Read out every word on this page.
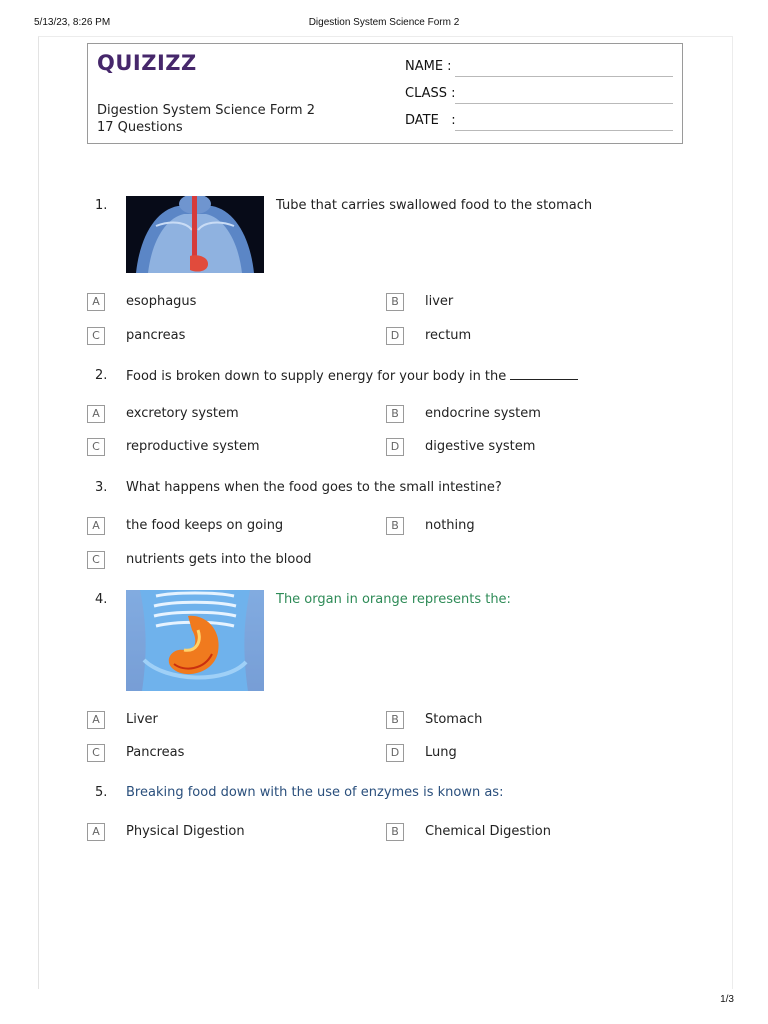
5/13/23, 8:26 PM	Digestion System Science Form 2
QUIZIZZ
Digestion System Science Form 2
17 Questions
NAME :
CLASS :
DATE   :
1.	Tube that carries swallowed food to the stomach
A	esophagus	B	liver
C	pancreas	D	rectum
2. Food is broken down to supply energy for your body in the
A	excretory system	B	endocrine system
C	reproductive system	D	digestive system
3. What happens when the food goes to the small intestine?
A	the food keeps on going	B	nothing
C	nutrients gets into the blood
4.	The organ in orange represents the:
A	Liver	B	Stomach
C	Pancreas	D	Lung
5. Breaking food down with the use of enzymes is known as:
A	Physical Digestion	B	Chemical Digestion
1/3
